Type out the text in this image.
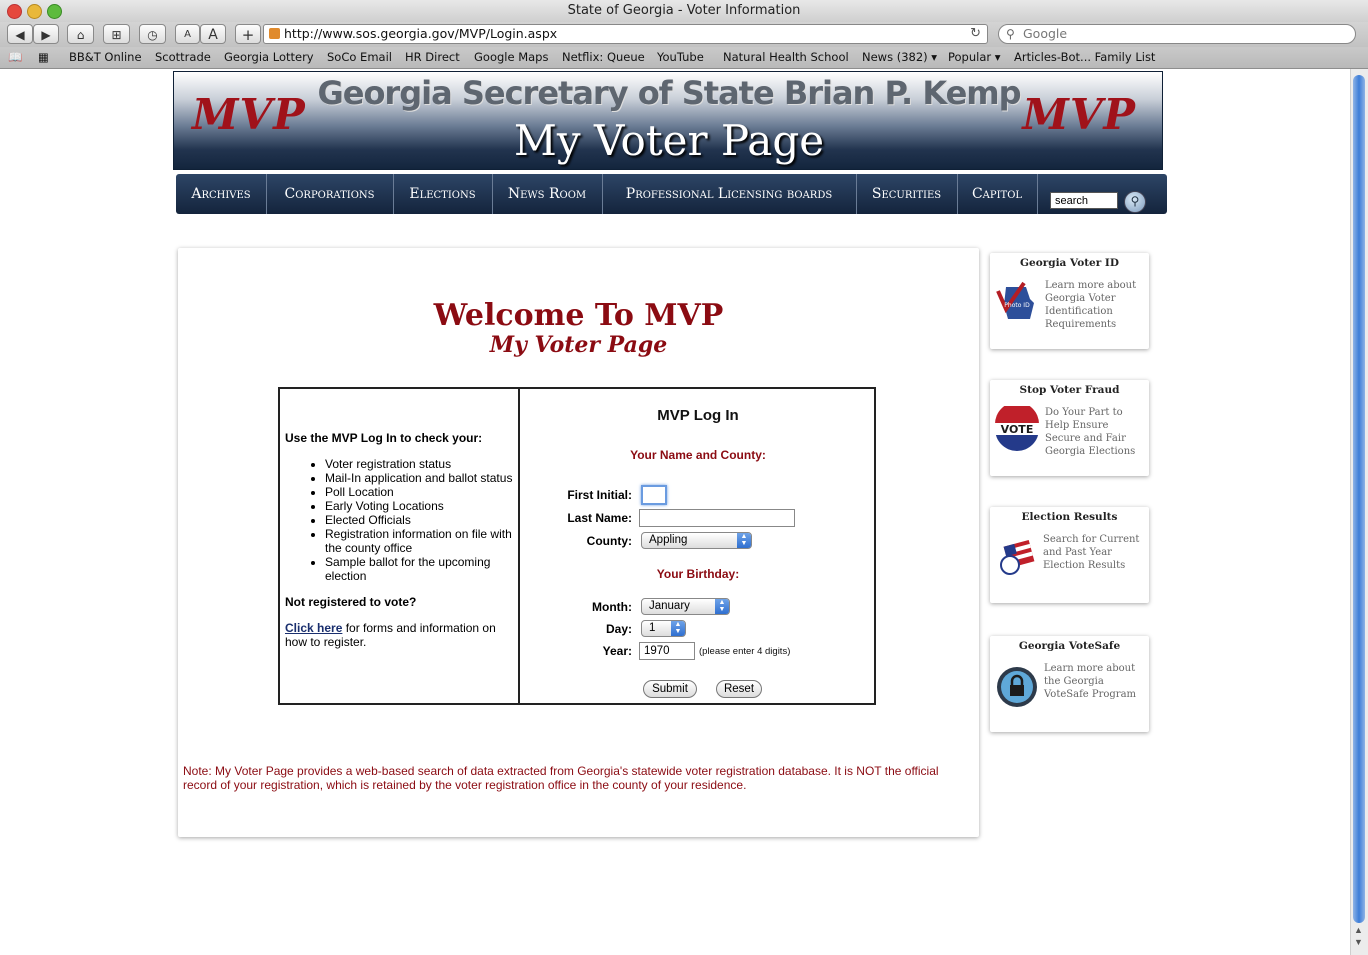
State of Georgia - Voter Information
◀	▶	⌂	⊞	◷	A	A	+	http://www.sos.georgia.gov/MVP/Login.aspx	↻ ⚲ Google
📖 ▦ BB&T Online Scottrade Georgia Lottery SoCo Email HR Direct Google Maps Netflix: Queue YouTube Natural Health School News (382) ▾ Popular ▾ Articles-Bot... Family List
▲
▼
MVP Georgia Secretary of State Brian P. Kemp
My Voter Page
MVP
Archives	Corporations	Elections	News Room	Professional Licensing boards	Securities	Capitol	search	⚲
Welcome To MVP
My Voter Page
Use the MVP Log In to check your:
• Voter registration status
• Mail-In application and ballot status
• Poll Location
• Early Voting Locations
• Elected Officials
• Registration information on file with the county office
• Sample ballot for the upcoming election
Not registered to vote?
Click here for forms and information on how to register.
MVP Log In
Your Name and County:
First Initial:
Last Name:
County:	Appling	▲
▼
Your Birthday:
Month:	January	▲
▼
Day:	1	▲
▼
Year:	1970	(please enter 4 digits)
Submit	Reset
Note: My Voter Page provides a web-based search of data extracted from Georgia's statewide voter registration database. It is NOT the official record of your registration, which is retained by the voter registration office in the county of your residence.
Georgia Voter ID
Photo ID
Learn more about Georgia Voter Identification Requirements
Stop Voter Fraud
VOTE
Do Your Part to Help Ensure Secure and Fair Georgia Elections
Election Results
Search for Current and Past Year Election Results
Georgia VoteSafe
Learn more about the Georgia VoteSafe Program
